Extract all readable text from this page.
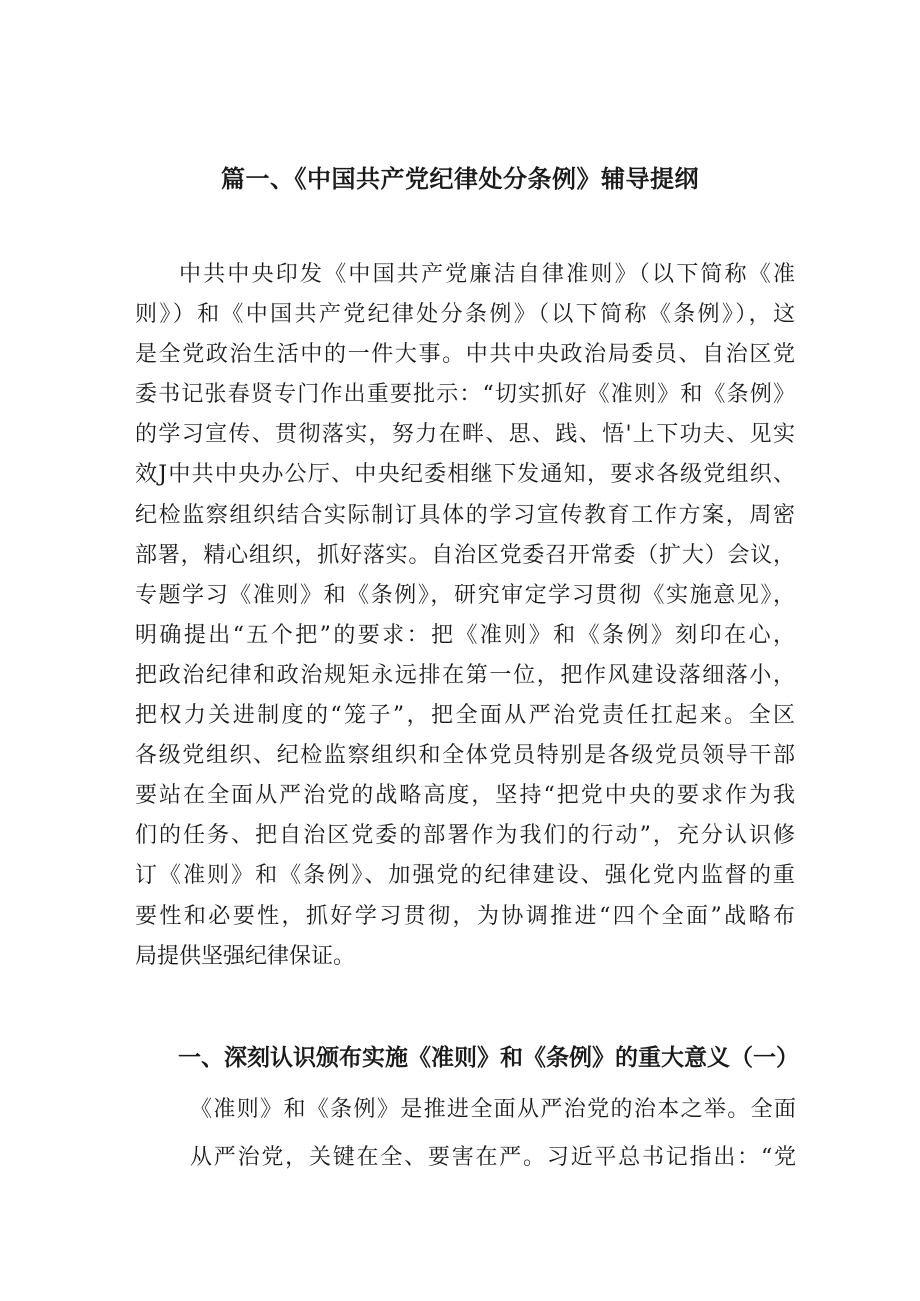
篇一、《中国共产党纪律处分条例》辅导提纲
中共中央印发《中国共产党廉洁自律准则》（以下简称《准
则》）和《中国共产党纪律处分条例》（以下简称《条例》），这
是全党政治生活中的一件大事。中共中央政治局委员、自治区党
委书记张春贤专门作出重要批示：“切实抓好《准则》和《条例》
的学习宣传、贯彻落实，努力在畔、思、践、悟'上下功夫、见实
效J中共中央办公厅、中央纪委相继下发通知，要求各级党组织、
纪检监察组织结合实际制订具体的学习宣传教育工作方案，周密
部署，精心组织，抓好落实。自治区党委召开常委（扩大）会议，
专题学习《准则》和《条例》，研究审定学习贯彻《实施意见》，
明确提出“五个把”的要求：把《准则》和《条例》刻印在心，
把政治纪律和政治规矩永远排在第一位，把作风建设落细落小，
把权力关进制度的“笼子”，把全面从严治党责任扛起来。全区
各级党组织、纪检监察组织和全体党员特别是各级党员领导干部
要站在全面从严治党的战略高度，坚持“把党中央的要求作为我
们的任务、把自治区党委的部署作为我们的行动”，充分认识修
订《准则》和《条例》、加强党的纪律建设、强化党内监督的重
要性和必要性，抓好学习贯彻，为协调推进“四个全面”战略布
局提供坚强纪律保证。
一、深刻认识颁布实施《准则》和《条例》的重大意义（一）
《准则》和《条例》是推进全面从严治党的治本之举。全面
从严治党，关键在全、要害在严。习近平总书记指出：“党
